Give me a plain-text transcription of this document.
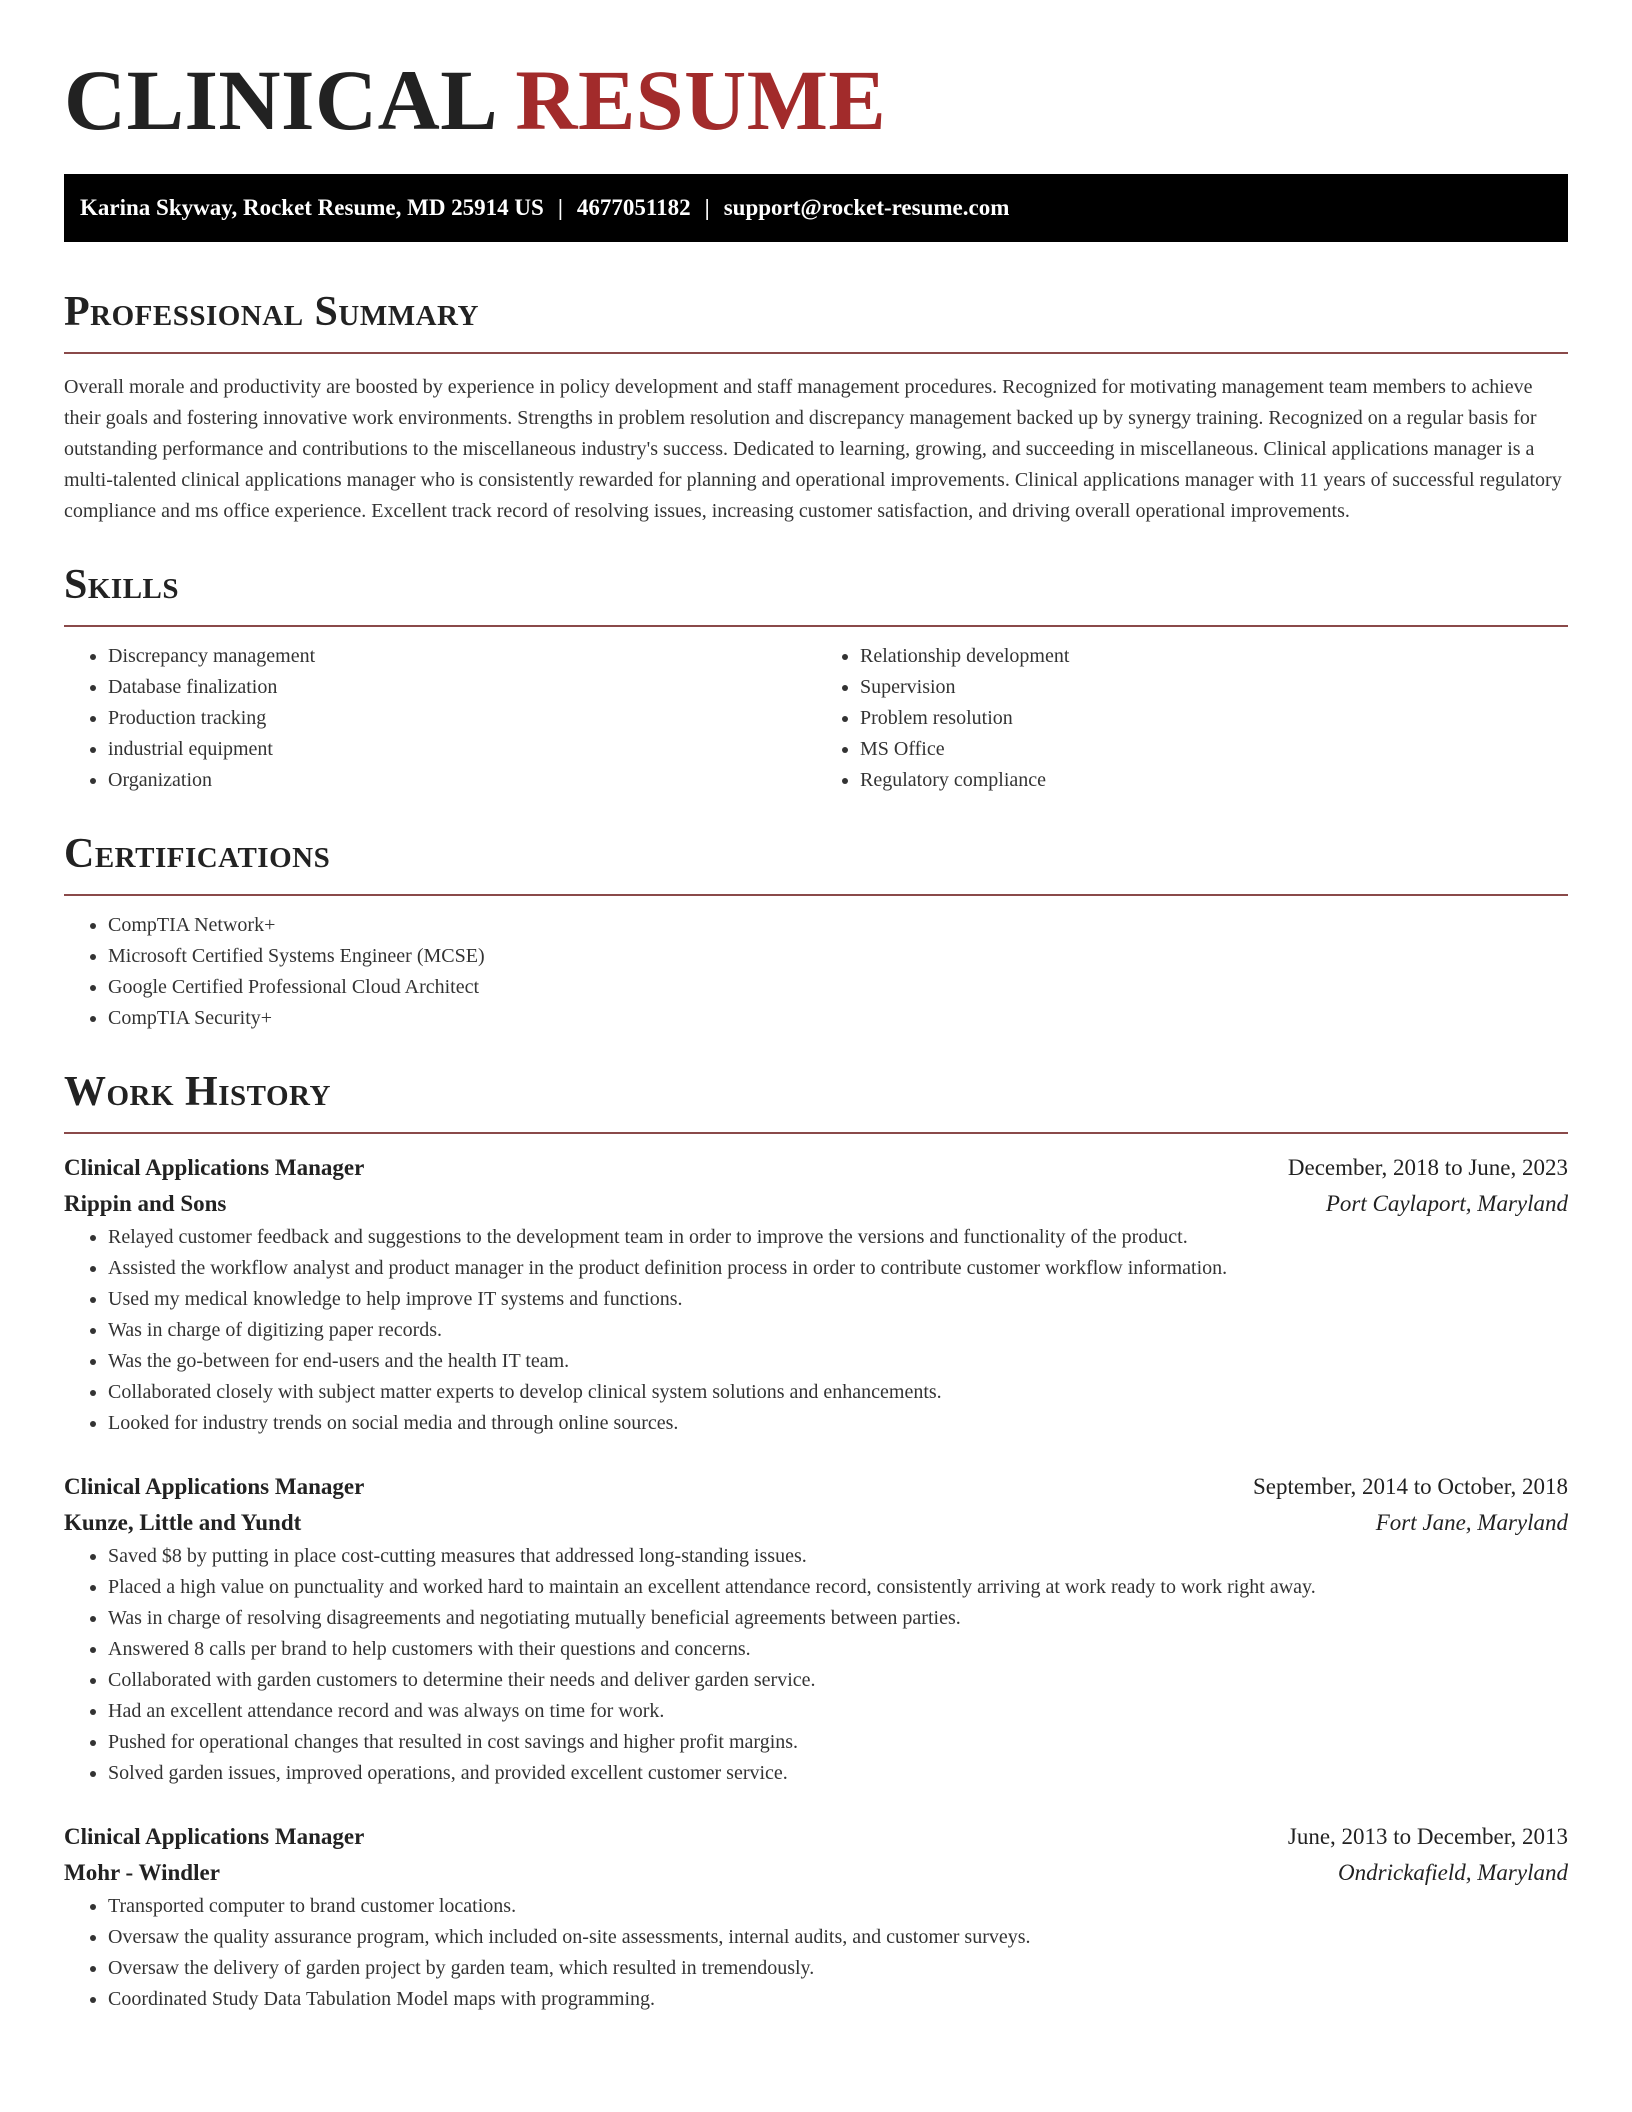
CLINICAL RESUME
Karina Skyway, Rocket Resume, MD 25914 US | 4677051182 | support@rocket-resume.com
Professional Summary

Overall morale and productivity are boosted by experience in policy development and staff management procedures. Recognized for motivating management team members to achieve their goals and fostering innovative work environments. Strengths in problem resolution and discrepancy management backed up by synergy training. Recognized on a regular basis for outstanding performance and contributions to the miscellaneous industry's success. Dedicated to learning, growing, and succeeding in miscellaneous. Clinical applications manager is a multi-talented clinical applications manager who is consistently rewarded for planning and operational improvements. Clinical applications manager with 11 years of successful regulatory compliance and ms office experience. Excellent track record of resolving issues, increasing customer satisfaction, and driving overall operational improvements.

Skills
• Discrepancy management
• Database finalization
• Production tracking
• industrial equipment
• Organization
• Relationship development
• Supervision
• Problem resolution
• MS Office
• Regulatory compliance
Certifications
• CompTIA Network+
• Microsoft Certified Systems Engineer (MCSE)
• Google Certified Professional Cloud Architect
• CompTIA Security+
Work History
Clinical Applications Manager	December, 2018 to June, 2023
Rippin and Sons	Port Caylaport, Maryland
• Relayed customer feedback and suggestions to the development team in order to improve the versions and functionality of the product.
• Assisted the workflow analyst and product manager in the product definition process in order to contribute customer workflow information.
• Used my medical knowledge to help improve IT systems and functions.
• Was in charge of digitizing paper records.
• Was the go-between for end-users and the health IT team.
• Collaborated closely with subject matter experts to develop clinical system solutions and enhancements.
• Looked for industry trends on social media and through online sources.
Clinical Applications Manager	September, 2014 to October, 2018
Kunze, Little and Yundt	Fort Jane, Maryland
• Saved $8 by putting in place cost-cutting measures that addressed long-standing issues.
• Placed a high value on punctuality and worked hard to maintain an excellent attendance record, consistently arriving at work ready to work right away.
• Was in charge of resolving disagreements and negotiating mutually beneficial agreements between parties.
• Answered 8 calls per brand to help customers with their questions and concerns.
• Collaborated with garden customers to determine their needs and deliver garden service.
• Had an excellent attendance record and was always on time for work.
• Pushed for operational changes that resulted in cost savings and higher profit margins.
• Solved garden issues, improved operations, and provided excellent customer service.
Clinical Applications Manager	June, 2013 to December, 2013
Mohr - Windler	Ondrickafield, Maryland
• Transported computer to brand customer locations.
• Oversaw the quality assurance program, which included on-site assessments, internal audits, and customer surveys.
• Oversaw the delivery of garden project by garden team, which resulted in tremendously.
• Coordinated Study Data Tabulation Model maps with programming.
